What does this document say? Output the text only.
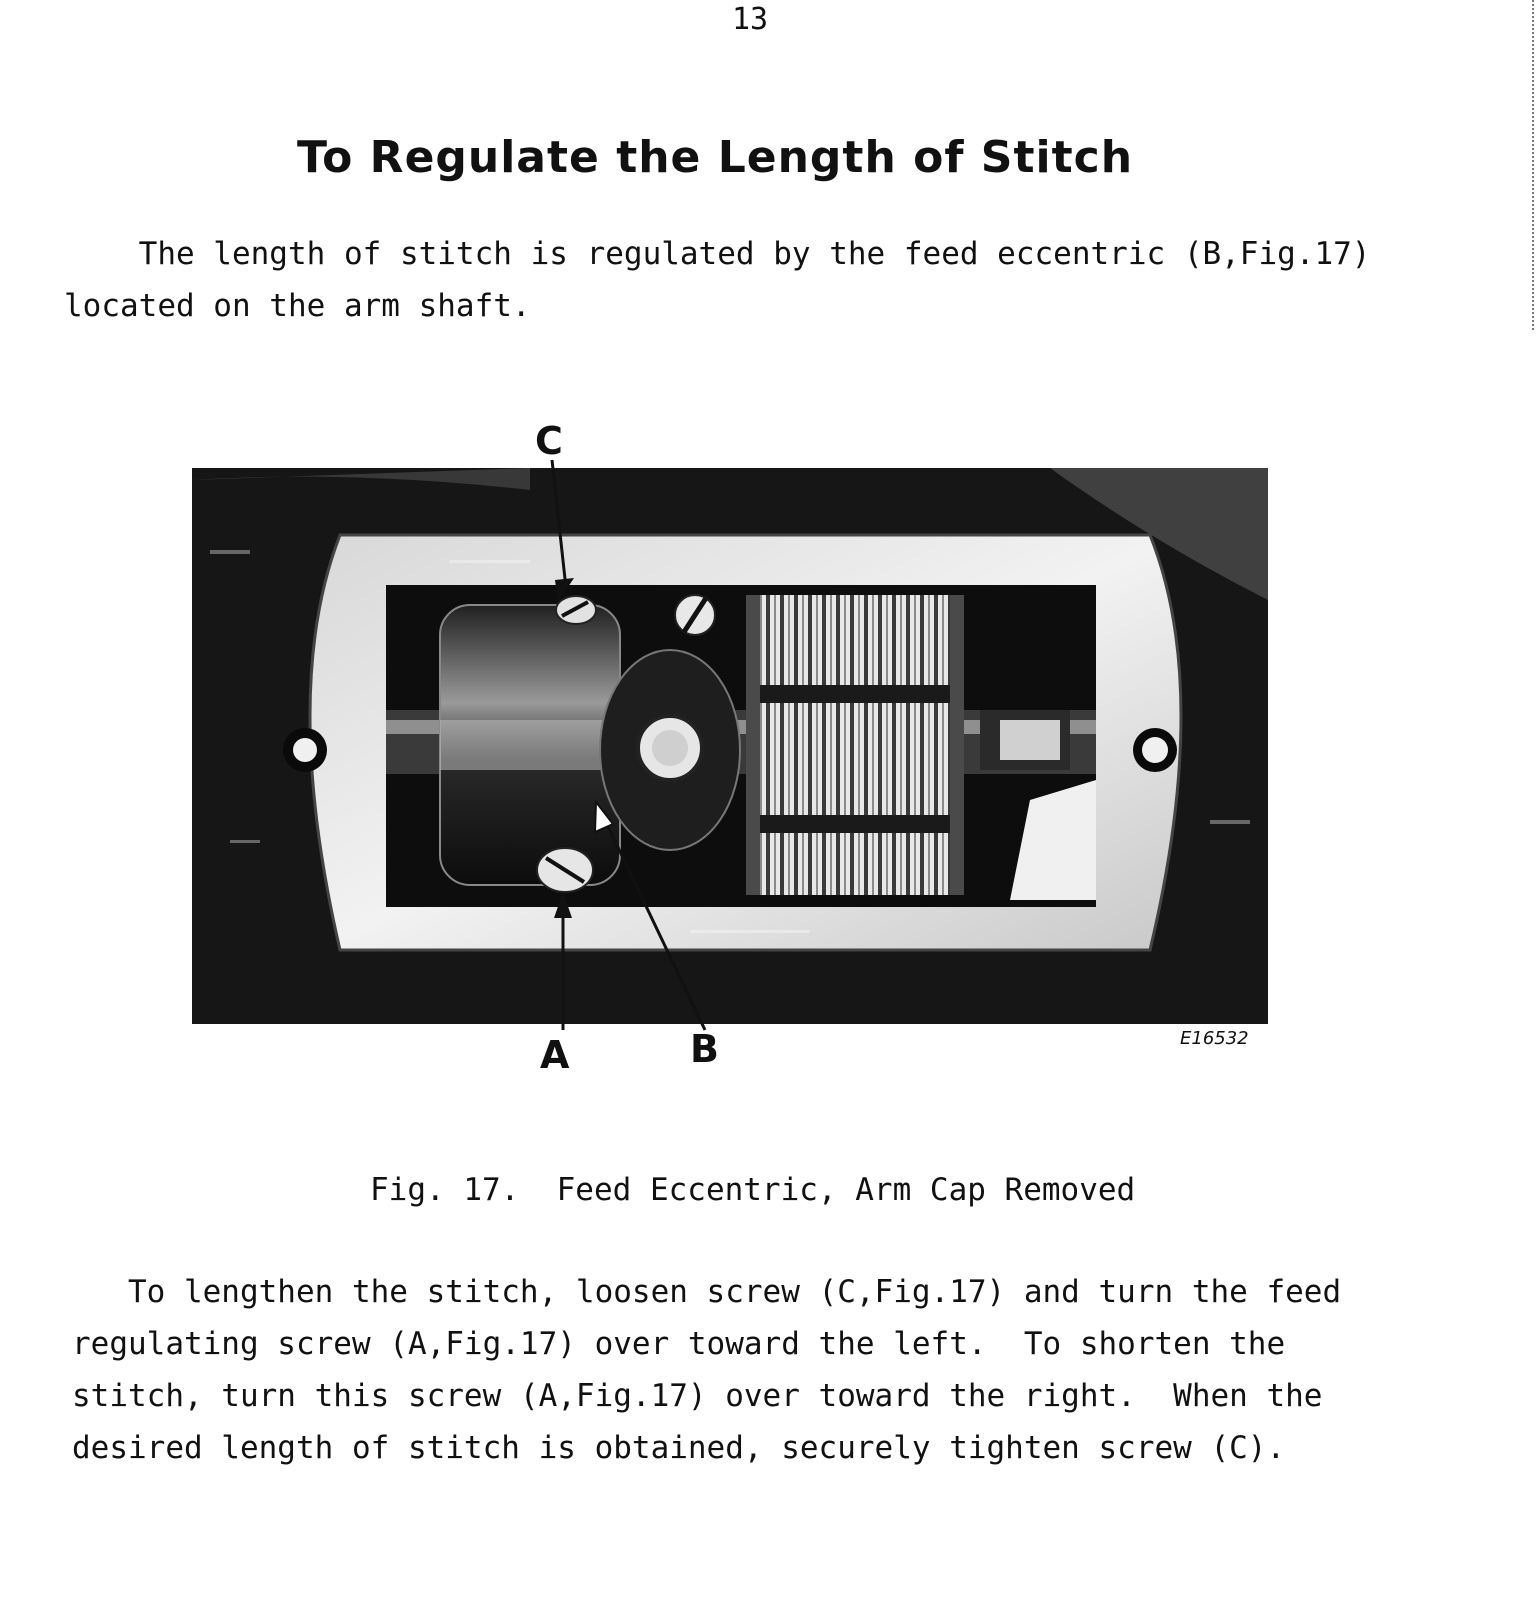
13
To Regulate the Length of Stitch
The length of stitch is regulated by the feed eccentric (B,Fig.17)
located on the arm shaft.
C
A	B	E16532
Fig. 17.  Feed Eccentric, Arm Cap Removed
To lengthen the stitch, loosen screw (C,Fig.17) and turn the feed
regulating screw (A,Fig.17) over toward the left.  To shorten the
stitch, turn this screw (A,Fig.17) over toward the right.  When the
desired length of stitch is obtained, securely tighten screw (C).
